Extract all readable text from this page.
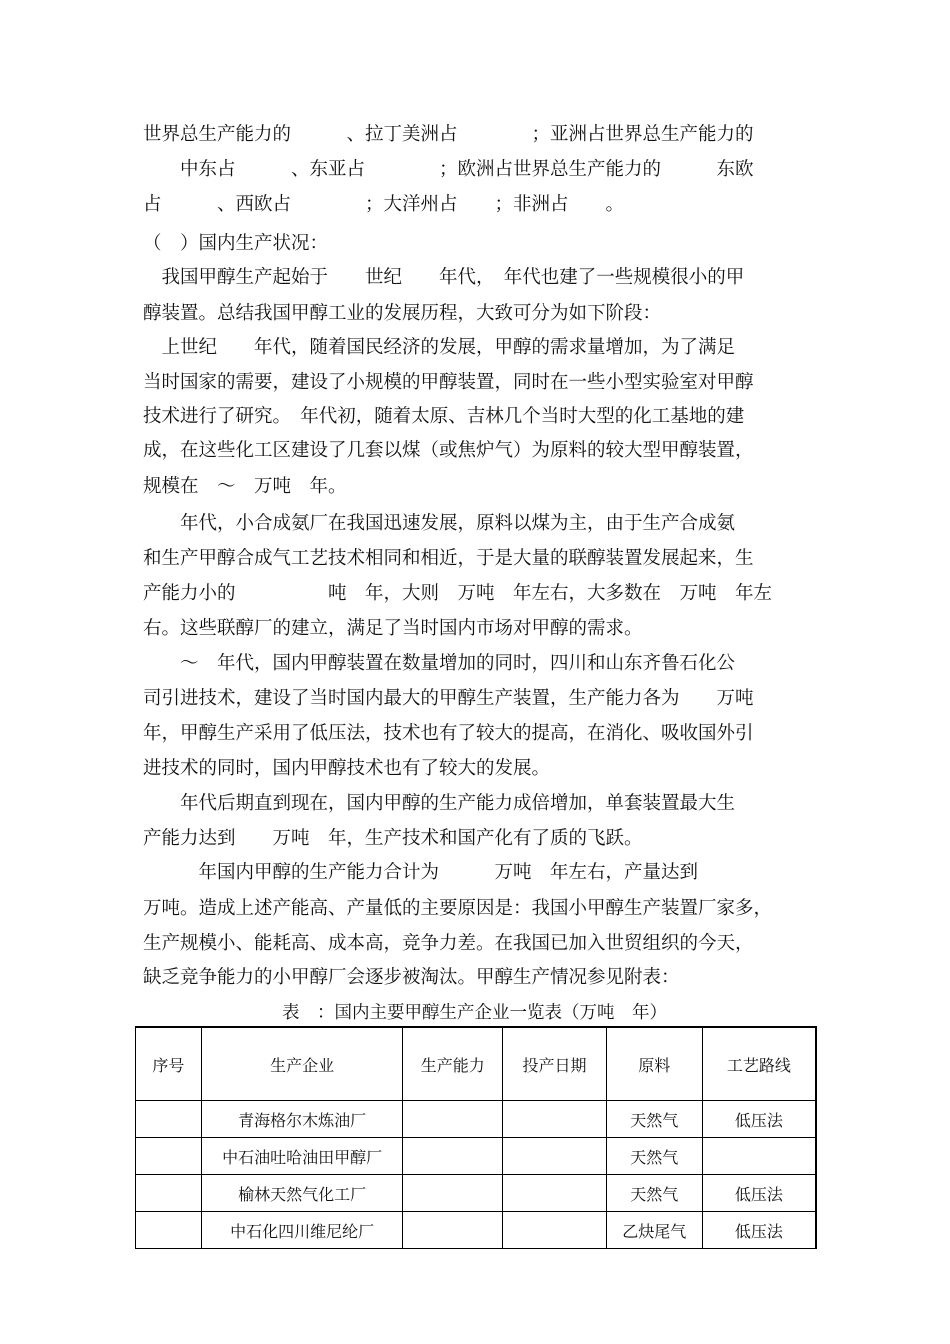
世界总生产能力的　　　、拉丁美洲占　　　　；亚洲占世界总生产能力的
　　中东占　　　、东亚占　　　　；欧洲占世界总生产能力的　　　东欧
占　　　、西欧占　　　　；大洋州占　　；非洲占　　。
（　）国内生产状况：
　我国甲醇生产起始于　　世纪　　年代，　年代也建了一些规模很小的甲
醇装置。总结我国甲醇工业的发展历程，大致可分为如下阶段：
　上世纪　　年代，随着国民经济的发展，甲醇的需求量增加，为了满足
当时国家的需要，建设了小规模的甲醇装置，同时在一些小型实验室对甲醇
技术进行了研究。　年代初，随着太原、吉林几个当时大型的化工基地的建
成，在这些化工区建设了几套以煤（或焦炉气）为原料的较大型甲醇装置，
规模在　～　万吨　年。
　　年代，小合成氨厂在我国迅速发展，原料以煤为主，由于生产合成氨
和生产甲醇合成气工艺技术相同和相近，于是大量的联醇装置发展起来，生
产能力小的　　　　　吨　年，大则　万吨　年左右，大多数在　万吨　年左
右。这些联醇厂的建立，满足了当时国内市场对甲醇的需求。
　　～　年代，国内甲醇装置在数量增加的同时，四川和山东齐鲁石化公
司引进技术，建设了当时国内最大的甲醇生产装置，生产能力各为　　万吨
年，甲醇生产采用了低压法，技术也有了较大的提高，在消化、吸收国外引
进技术的同时，国内甲醇技术也有了较大的发展。
　　年代后期直到现在，国内甲醇的生产能力成倍增加，单套装置最大生
产能力达到　　万吨　年，生产技术和国产化有了质的飞跃。
　　　年国内甲醇的生产能力合计为　　　万吨　年左右，产量达到
万吨。造成上述产能高、产量低的主要原因是：我国小甲醇生产装置厂家多，
生产规模小、能耗高、成本高，竞争力差。在我国已加入世贸组织的今天，
缺乏竞争能力的小甲醇厂会逐步被淘汰。甲醇生产情况参见附表：
表　：国内主要甲醇生产企业一览表（万吨　年）
序号	生产企业	生产能力	投产日期	原料	工艺路线
	青海格尔木炼油厂			天然气	低压法
	中石油吐哈油田甲醇厂			天然气	
	榆林天然气化工厂			天然气	低压法
	中石化四川维尼纶厂			乙炔尾气	低压法
